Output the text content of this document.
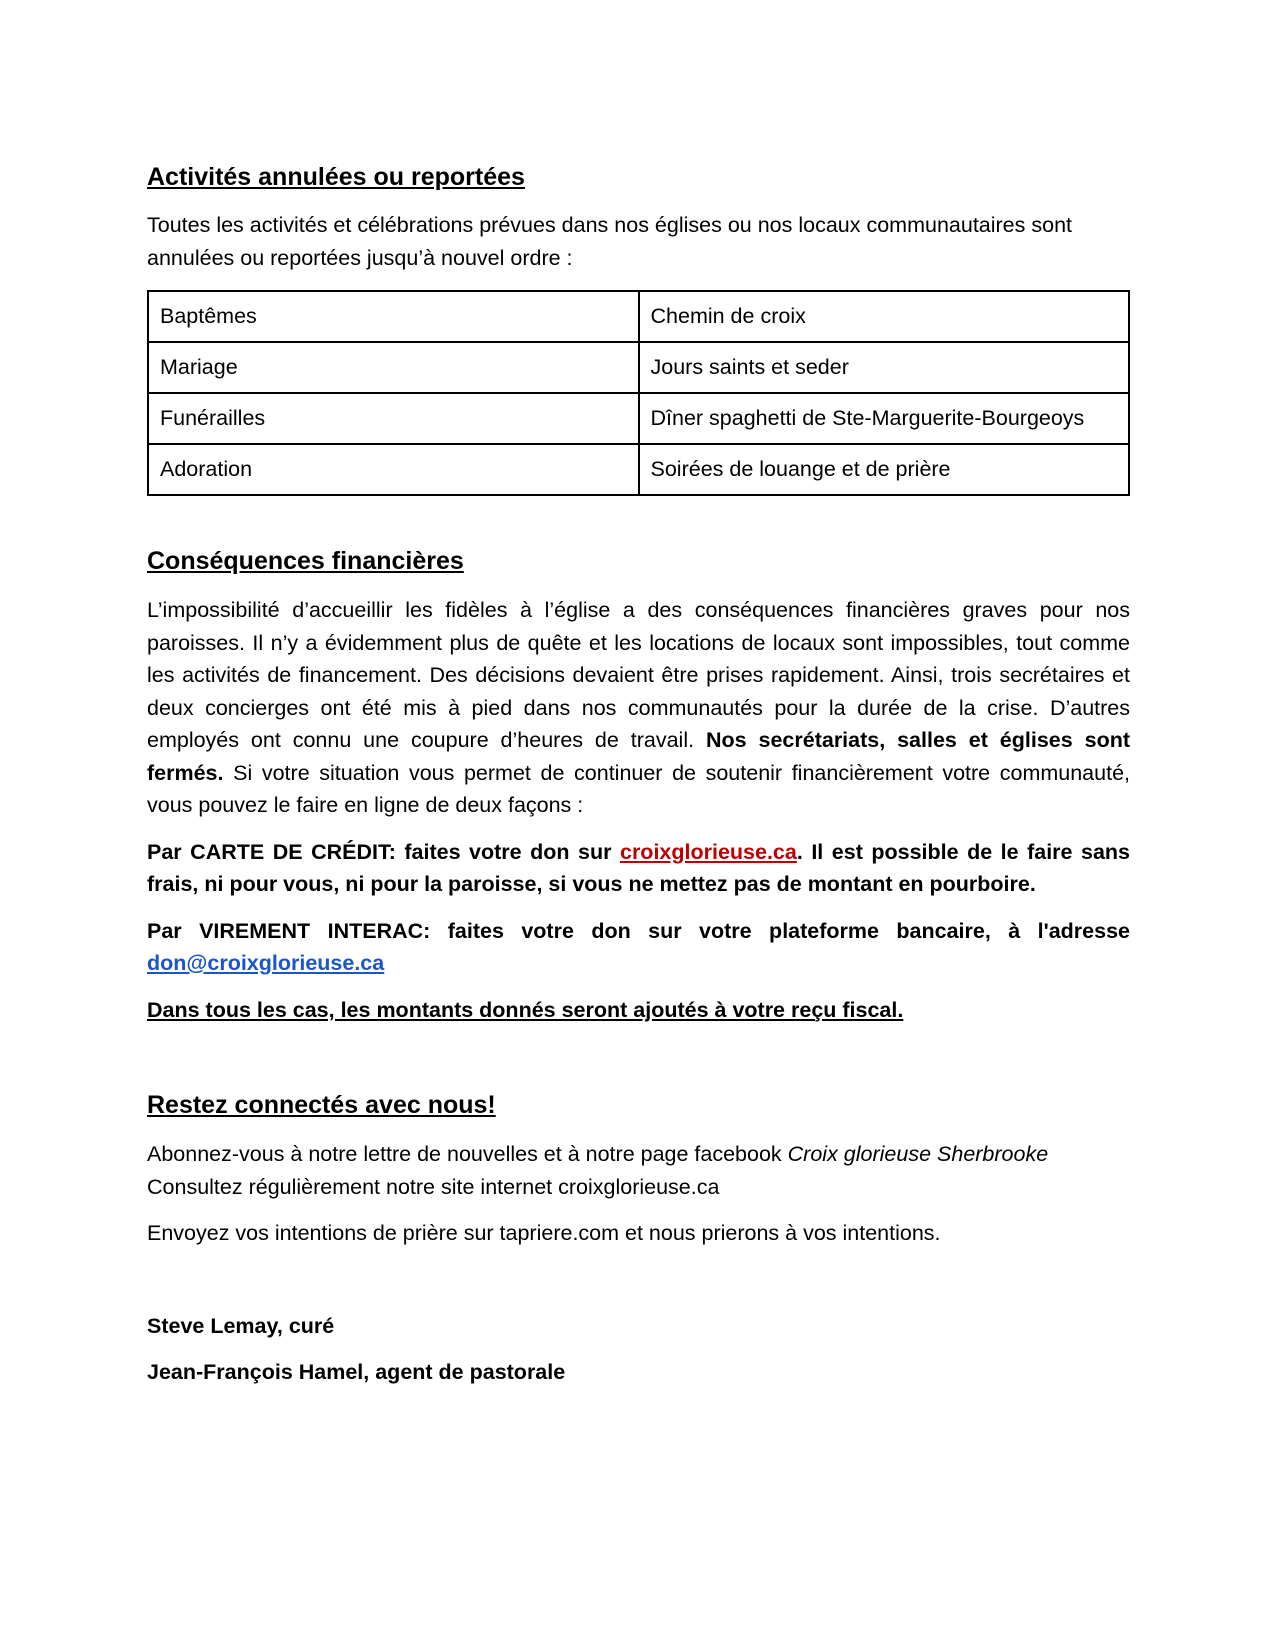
Activités annulées ou reportées

Toutes les activités et célébrations prévues dans nos églises ou nos locaux communautaires sont annulées ou reportées jusqu’à nouvel ordre :

Baptêmes	Chemin de croix
Mariage	Jours saints et seder
Funérailles	Dîner spaghetti de Ste-Marguerite-Bourgeoys
Adoration	Soirées de louange et de prière
Conséquences financières

L’impossibilité d’accueillir les fidèles à l’église a des conséquences financières graves pour nos paroisses. Il n’y a évidemment plus de quête et les locations de locaux sont impossibles, tout comme les activités de financement. Des décisions devaient être prises rapidement. Ainsi, trois secrétaires et deux concierges ont été mis à pied dans nos communautés pour la durée de la crise. D’autres employés ont connu une coupure d’heures de travail. Nos secrétariats, salles et églises sont fermés. Si votre situation vous permet de continuer de soutenir financièrement votre communauté, vous pouvez le faire en ligne de deux façons :

Par CARTE DE CRÉDIT: faites votre don sur croixglorieuse.ca. Il est possible de le faire sans frais, ni pour vous, ni pour la paroisse, si vous ne mettez pas de montant en pourboire.

Par VIREMENT INTERAC: faites votre don sur votre plateforme bancaire, à l'adresse don@croixglorieuse.ca

Dans tous les cas, les montants donnés seront ajoutés à votre reçu fiscal.

Restez connectés avec nous!

Abonnez-vous à notre lettre de nouvelles et à notre page facebook Croix glorieuse Sherbrooke

Consultez régulièrement notre site internet croixglorieuse.ca

Envoyez vos intentions de prière sur tapriere.com et nous prierons à vos intentions.

Steve Lemay, curé

Jean-François Hamel, agent de pastorale
